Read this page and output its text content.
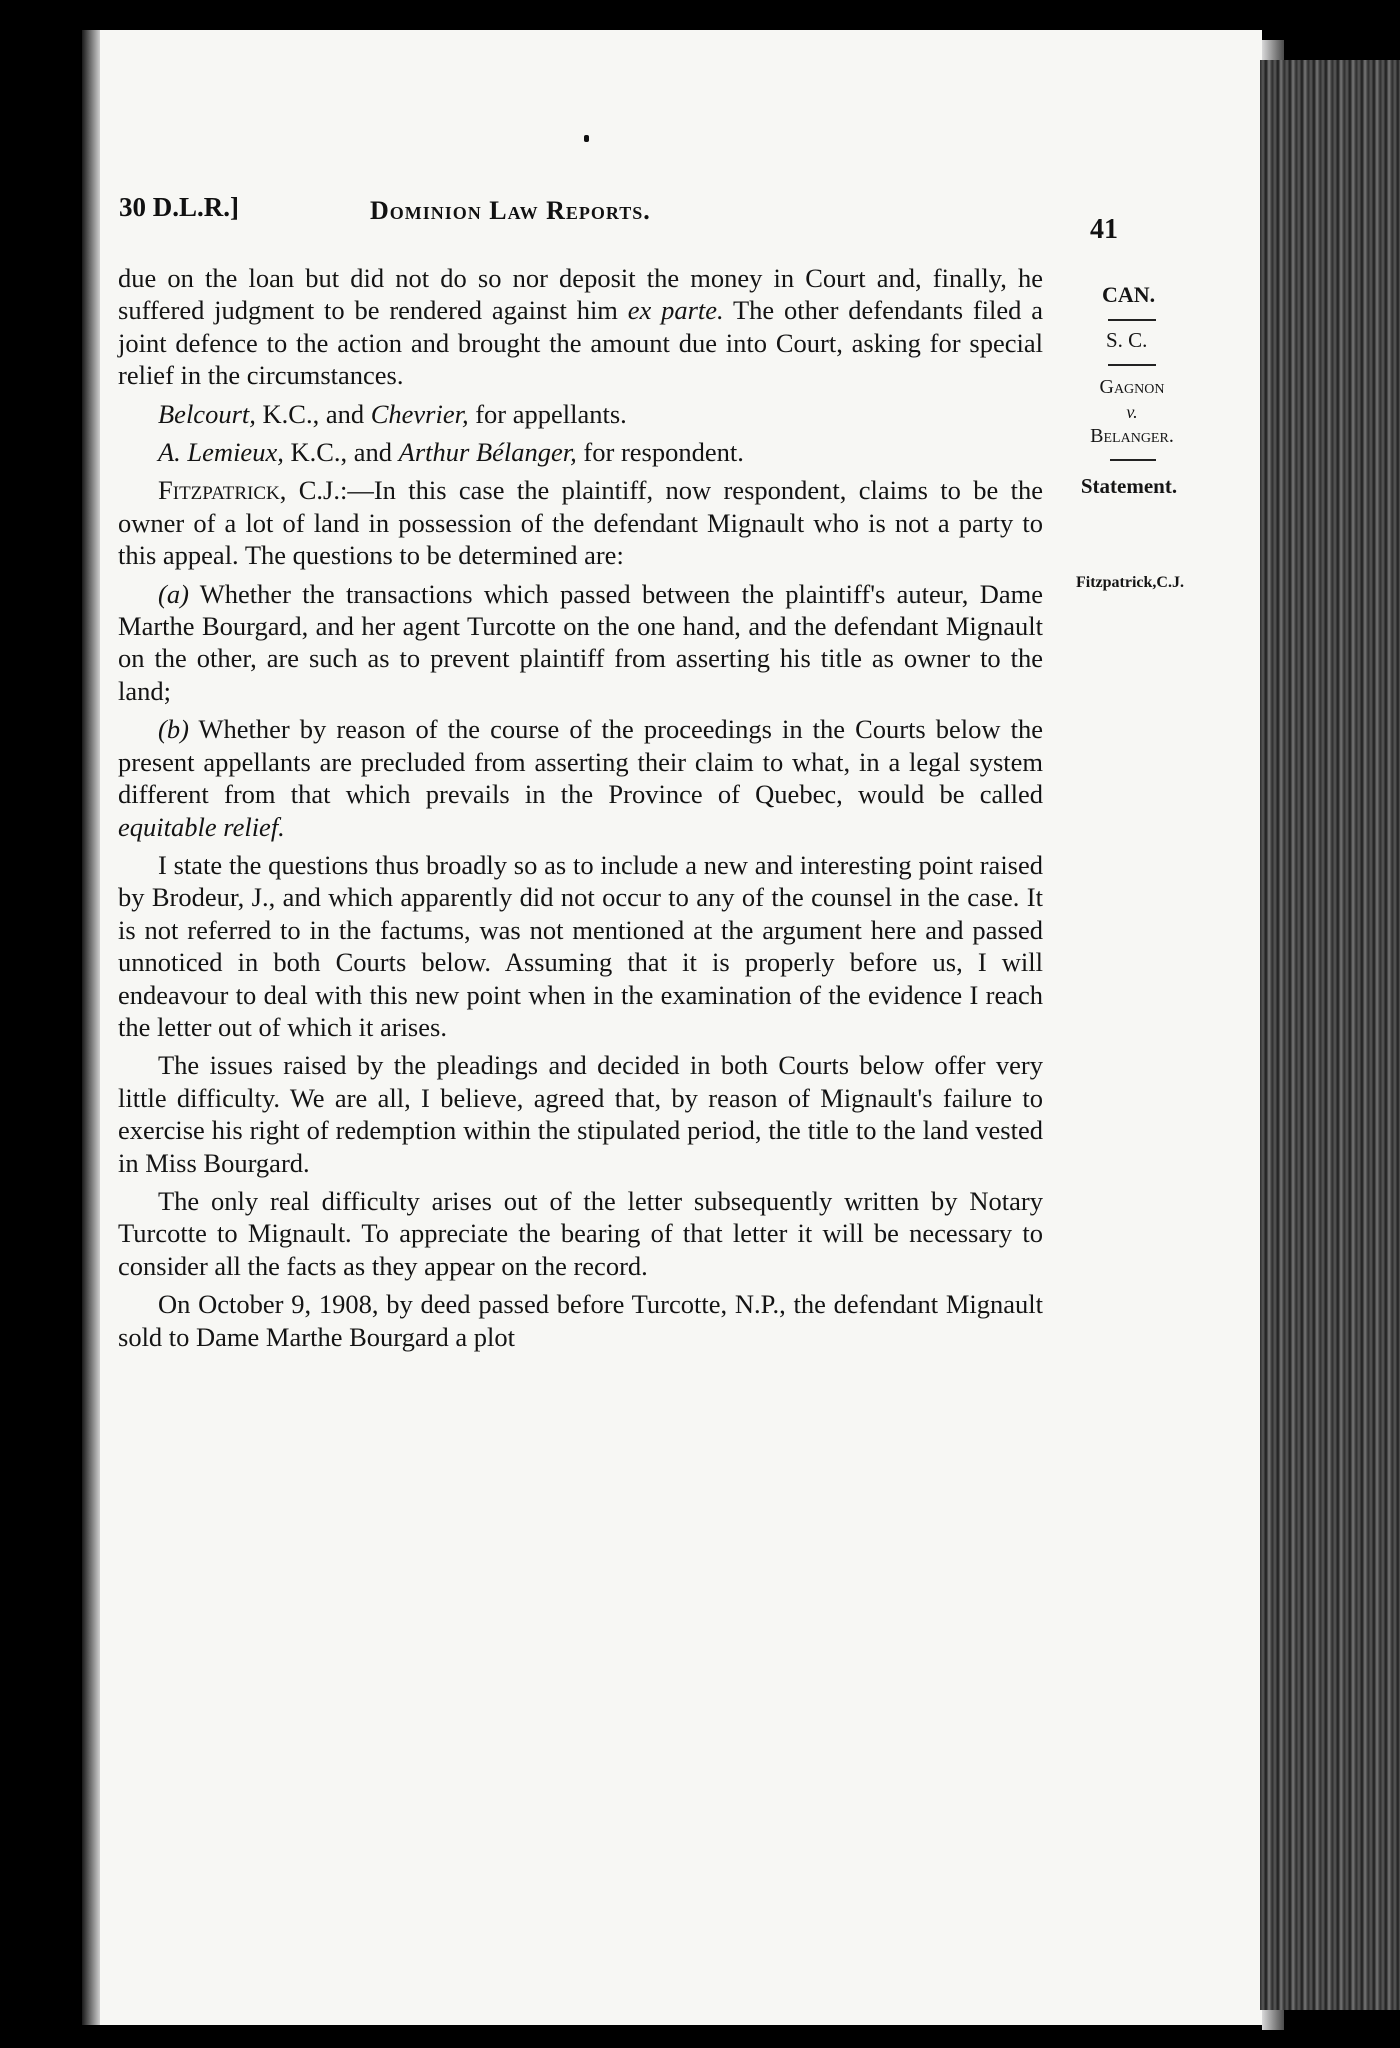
30 D.L.R.]	Dominion Law Reports.
41

due on the loan but did not do so nor deposit the money in Court and, finally, he suffered judgment to be rendered against him ex parte. The other defendants filed a joint defence to the action and brought the amount due into Court, asking for special relief in the circumstances.

Belcourt, K.C., and Chevrier, for appellants.

A. Lemieux, K.C., and Arthur Bélanger, for respondent.

Fitzpatrick, C.J.:—In this case the plaintiff, now respondent, claims to be the owner of a lot of land in possession of the defendant Mignault who is not a party to this appeal. The questions to be determined are:

(a) Whether the transactions which passed between the plaintiff's auteur, Dame Marthe Bourgard, and her agent Turcotte on the one hand, and the defendant Mignault on the other, are such as to prevent plaintiff from asserting his title as owner to the land;

(b) Whether by reason of the course of the proceedings in the Courts below the present appellants are precluded from asserting their claim to what, in a legal system different from that which prevails in the Province of Quebec, would be called equitable relief.

I state the questions thus broadly so as to include a new and interesting point raised by Brodeur, J., and which apparently did not occur to any of the counsel in the case. It is not referred to in the factums, was not mentioned at the argument here and passed unnoticed in both Courts below. Assuming that it is properly before us, I will endeavour to deal with this new point when in the examination of the evidence I reach the letter out of which it arises.

The issues raised by the pleadings and decided in both Courts below offer very little difficulty. We are all, I believe, agreed that, by reason of Mignault's failure to exercise his right of redemption within the stipulated period, the title to the land vested in Miss Bourgard.

The only real difficulty arises out of the letter subsequently written by Notary Turcotte to Mignault. To appreciate the bearing of that letter it will be necessary to consider all the facts as they appear on the record.

On October 9, 1908, by deed passed before Turcotte, N.P., the defendant Mignault sold to Dame Marthe Bourgard a plot

CAN.
S. C.
Gagnon
v.
Belanger.
Statement.
Fitzpatrick,C.J.
